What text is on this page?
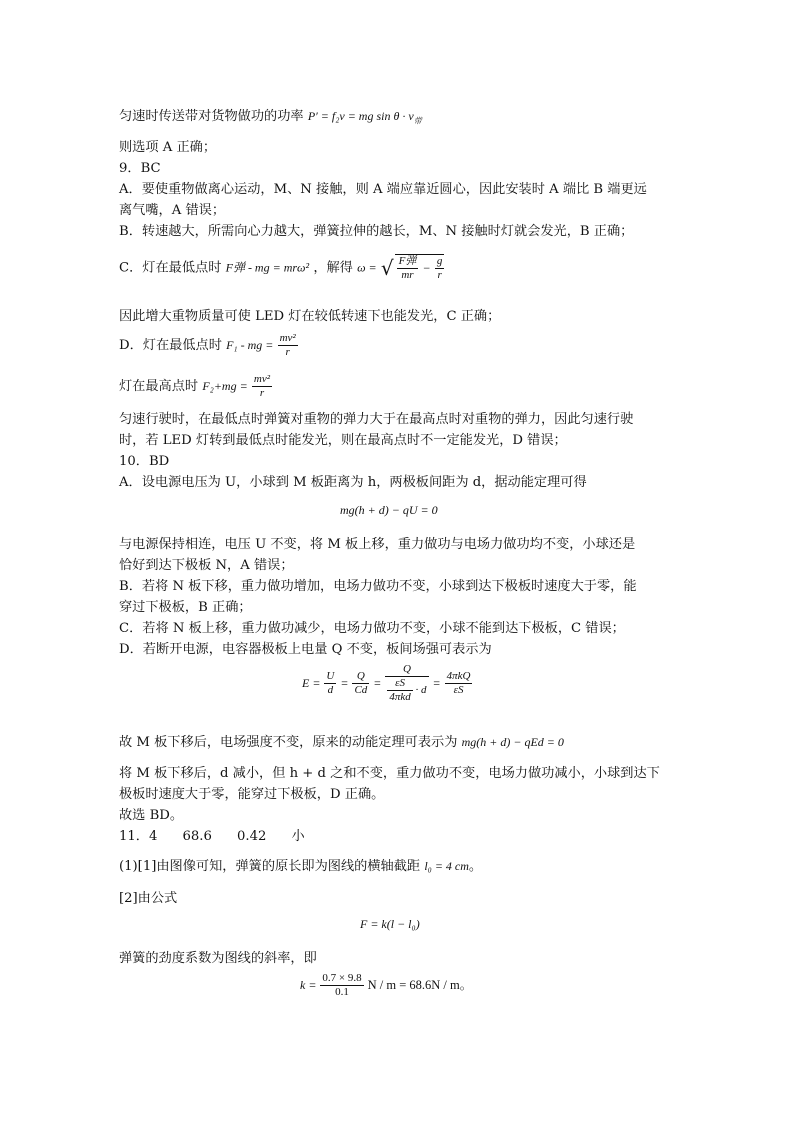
匀速时传送带对货物做功的功率 P′ = f₂v = mg $\sin \theta \cdot v_带$
则选项 A 正确；
9．BC
A．要使重物做离心运动，M、N 接触，则 A 端应靠近圆心，因此安装时 A 端比 B 端更远
离气嘴，A 错误；
B．转速越大，所需向心力越大，弹簧拉伸的越长，M、N 接触时灯就会发光，B 正确；
C．灯在最低点时 F弹 - mg = mrω² ，解得 ω = √ $\frac{\text{F弹}}{mr} - \frac{g}{r}$
因此增大重物质量可使 LED 灯在较低转速下也能发光，C 正确；
D．灯在最低点时 F₁ - mg = $\frac{\text{mv²}}{r}$
灯在最高点时 $F_2+mg = \frac{\text{mv²}}{r}$
匀速行驶时，在最低点时弹簧对重物的弹力大于在最高点时对重物的弹力，因此匀速行驶
时，若 LED 灯转到最低点时能发光，则在最高点时不一定能发光，D 错误；
10．BD
A．设电源电压为 U，小球到 M 板距离为 h，两极板间距为 d，据动能定理可得
mg(h + d) − qU = 0
与电源保持相连，电压 U 不变，将 M 板上移，重力做功与电场力做功均不变，小球还是
恰好到达下极板 N，A 错误；
B．若将 N 板下移，重力做功增加，电场力做功不变，小球到达下极板时速度大于零，能
穿过下极板，B 正确；
C．若将 N 板上移，重力做功减少，电场力做功不变，小球不能到达下极板，C 错误；
D．若断开电源，电容器极板上电量 Q 不变，板间场强可表示为
$E = \frac{U}{d} = \frac{Q}{Cd} = \frac{Q}{\frac{\varepsilon S}{\text{4πkd}} \cdot d} = \frac{\text{4πkQ}}{\varepsilon S}$
故 M 板下移后，电场强度不变，原来的动能定理可表示为 mg(h + d) − qEd = 0
将 M 板下移后，d 减小，但 h + d 之和不变，重力做功不变，电场力做功减小，小球到达下
极板时速度大于零，能穿过下极板，D 正确。
故选 BD。
11．4      68.6      0.42      小
(1)[1]由图像可知，弹簧的原长即为图线的横轴截距 l₀ = 4 cm。
[2]由公式
F = k(l − l₀)
弹簧的劲度系数为图线的斜率，即
$k = \frac{0.7 \times 9.8}{0.1}$ N / m = 68.6N / m。
